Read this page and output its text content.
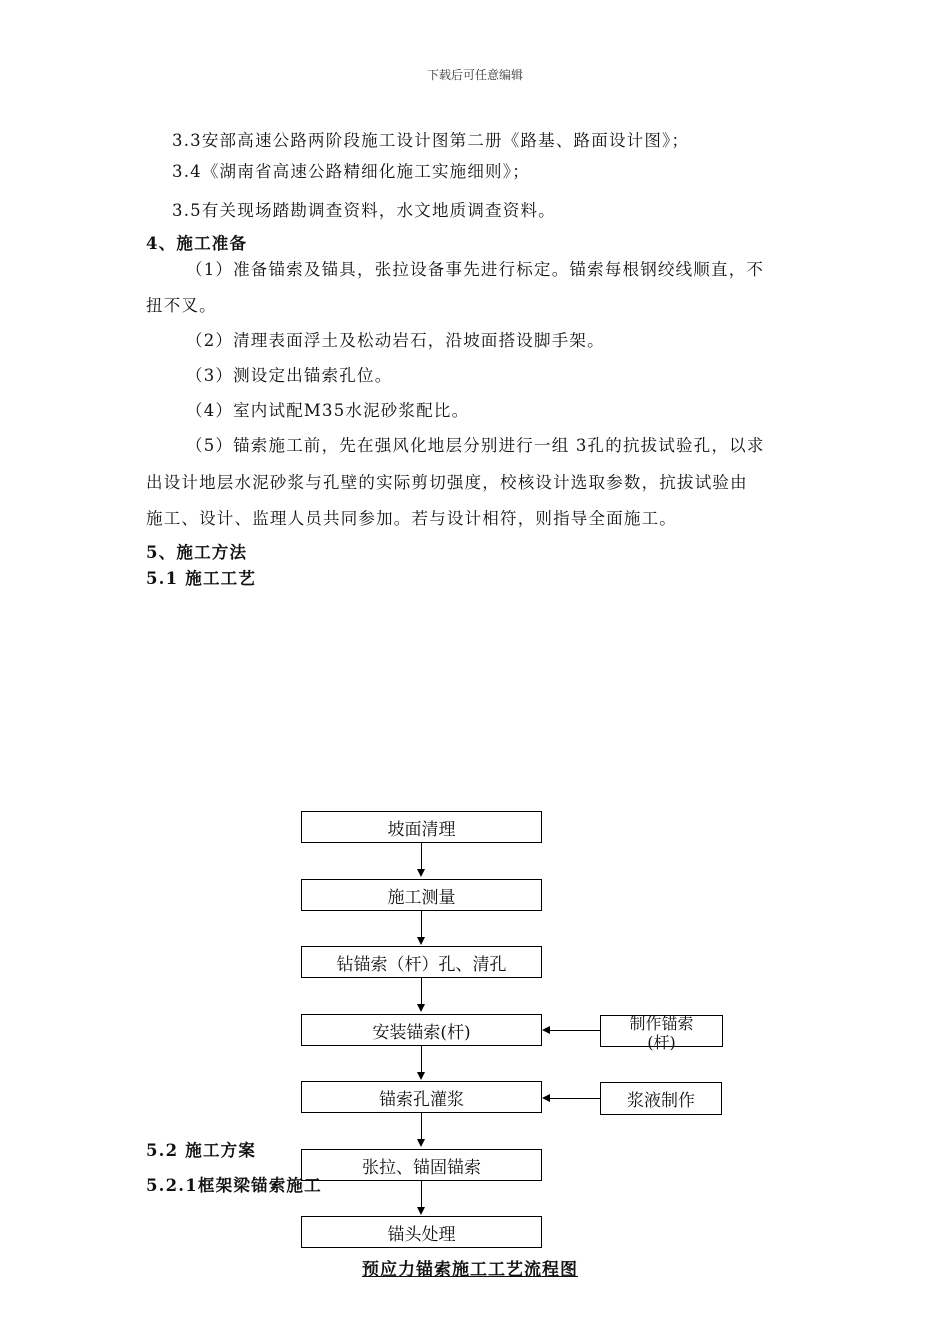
下载后可任意编辑
3.3安部高速公路两阶段施工设计图第二册《路基、路面设计图》；
3.4《湖南省高速公路精细化施工实施细则》；
3.5有关现场踏勘调查资料，水文地质调查资料。
4、施工准备
（1）准备锚索及锚具，张拉设备事先进行标定。锚索每根钢绞线顺直，不
扭不叉。
（2）清理表面浮土及松动岩石，沿坡面搭设脚手架。
（3）测设定出锚索孔位。
（4）室内试配M35水泥砂浆配比。
（5）锚索施工前，先在强风化地层分别进行一组 3孔的抗拔试验孔，以求
出设计地层水泥砂浆与孔壁的实际剪切强度，校核设计选取参数，抗拔试验由
施工、设计、监理人员共同参加。若与设计相符，则指导全面施工。
5、施工方法
5.1 施工工艺
坡面清理
施工测量
钻锚索（杆）孔、清孔
安装锚索(杆)
锚索孔灌浆
张拉、锚固锚索
锚头处理
制作锚索
(杆)
浆液制作
5.2 施工方案
5.2.1框架梁锚索施工
预应力锚索施工工艺流程图
